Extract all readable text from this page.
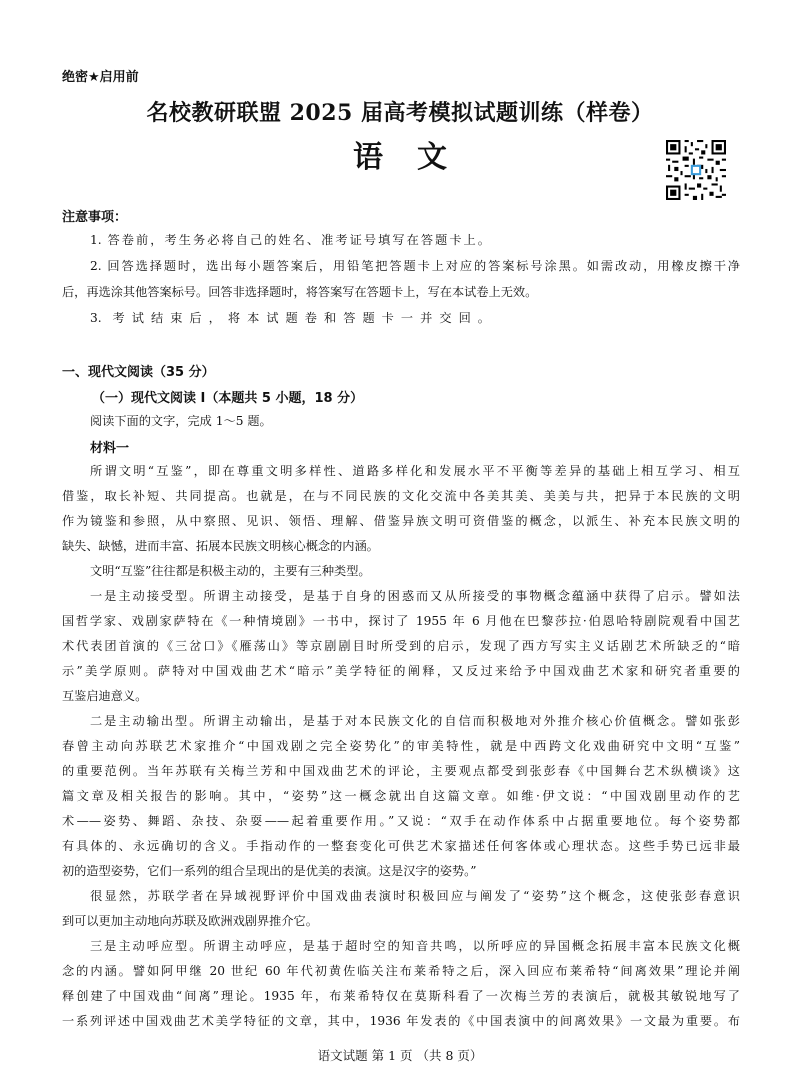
绝密★启用前
名校教研联盟 2025 届高考模拟试题训练（样卷）
语文
注意事项：
1. 答卷前，考生务必将自己的姓名、准考证号填写在答题卡上。
2. 回答选择题时，选出每小题答案后，用铅笔把答题卡上对应的答案标号涂黑。如需改动，用橡皮擦干净
后，再选涂其他答案标号。回答非选择题时，将答案写在答题卡上，写在本试卷上无效。
3. 考试结束后，将本试题卷和答题卡一并交回。
一、现代文阅读（35 分）
（一）现代文阅读 I（本题共 5 小题，18 分）
阅读下面的文字，完成 1～5 题。
材料一
所谓文明“互鉴”，即在尊重文明多样性、道路多样化和发展水平不平衡等差异的基础上相互学习、相互
借鉴，取长补短、共同提高。也就是，在与不同民族的文化交流中各美其美、美美与共，把异于本民族的文明
作为镜鉴和参照，从中察照、见识、领悟、理解、借鉴异族文明可资借鉴的概念，以派生、补充本民族文明的
缺失、缺憾，进而丰富、拓展本民族文明核心概念的内涵。
文明“互鉴”往往都是积极主动的，主要有三种类型。
一是主动接受型。所谓主动接受，是基于自身的困惑而又从所接受的事物概念蕴涵中获得了启示。譬如法
国哲学家、戏剧家萨特在《一种情境剧》一书中，探讨了 1955 年 6 月他在巴黎莎拉·伯恩哈特剧院观看中国艺
术代表团首演的《三岔口》《雁荡山》等京剧剧目时所受到的启示，发现了西方写实主义话剧艺术所缺乏的“暗
示”美学原则。萨特对中国戏曲艺术“暗示”美学特征的阐释，又反过来给予中国戏曲艺术家和研究者重要的
互鉴启迪意义。
二是主动输出型。所谓主动输出，是基于对本民族文化的自信而积极地对外推介核心价值概念。譬如张彭
春曾主动向苏联艺术家推介“中国戏剧之完全姿势化”的审美特性，就是中西跨文化戏曲研究中文明“互鉴”
的重要范例。当年苏联有关梅兰芳和中国戏曲艺术的评论，主要观点都受到张彭春《中国舞台艺术纵横谈》这
篇文章及相关报告的影响。其中，“姿势”这一概念就出自这篇文章。如维·伊文说：“中国戏剧里动作的艺
术——姿势、舞蹈、杂技、杂耍——起着重要作用。”又说：“双手在动作体系中占据重要地位。每个姿势都
有具体的、永远确切的含义。手指动作的一整套变化可供艺术家描述任何客体或心理状态。这些手势已远非最
初的造型姿势，它们一系列的组合呈现出的是优美的表演。这是汉字的姿势。”
很显然，苏联学者在异域视野评价中国戏曲表演时积极回应与阐发了“姿势”这个概念，这使张彭春意识
到可以更加主动地向苏联及欧洲戏剧界推介它。
三是主动呼应型。所谓主动呼应，是基于超时空的知音共鸣，以所呼应的异国概念拓展丰富本民族文化概
念的内涵。譬如阿甲继 20 世纪 60 年代初黄佐临关注布莱希特之后，深入回应布莱希特“间离效果”理论并阐
释创建了中国戏曲“间离”理论。1935 年，布莱希特仅在莫斯科看了一次梅兰芳的表演后，就极其敏锐地写了
一系列评述中国戏曲艺术美学特征的文章，其中，1936 年发表的《中国表演中的间离效果》一文最为重要。布
语文试题 第 1 页 （共 8 页）
